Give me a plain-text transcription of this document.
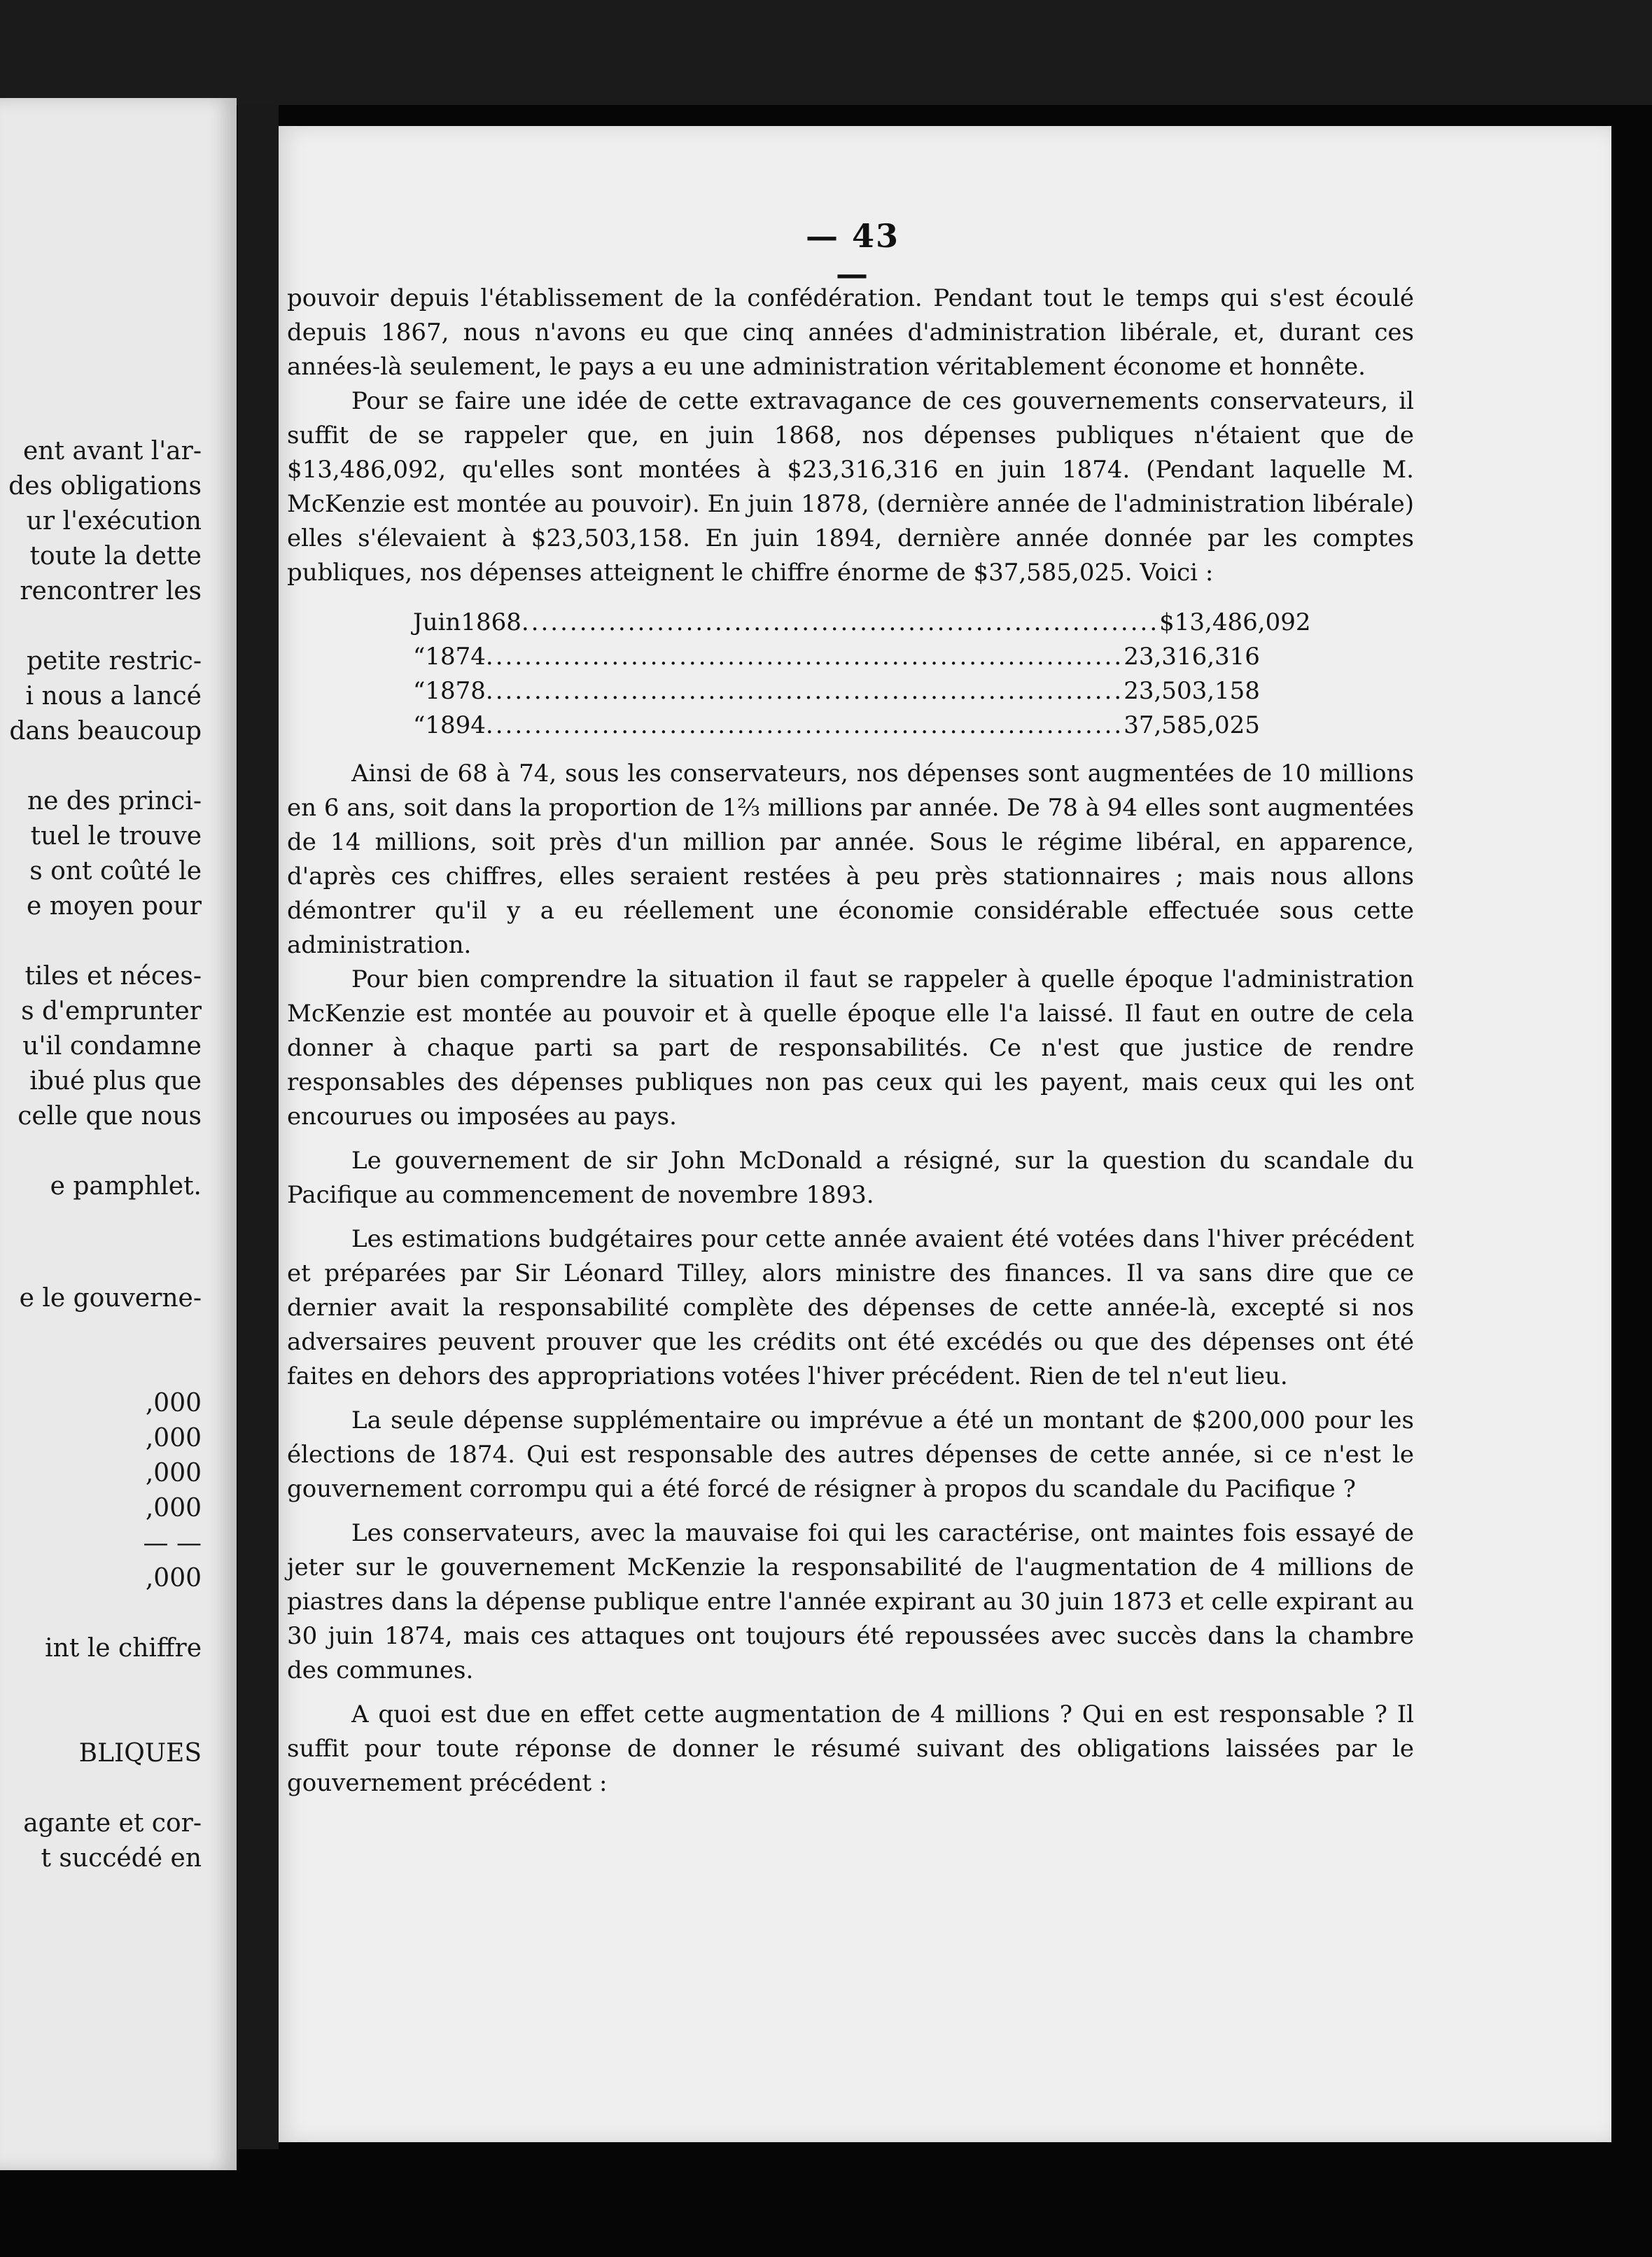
ent avant l'ar-
des obligations
ur l'exécution
toute la dette
rencontrer les
petite restric-
i nous a lancé
dans beaucoup
ne des princi-
tuel le trouve
s ont coûté le
e moyen pour
tiles et néces-
s d'emprunter
u'il condamne
ibué plus que
celle que nous
e pamphlet.
e le gouverne-
,000
,000
,000
,000
— —
,000
int le chiffre
BLIQUES
agante et cor-
t succédé en
— 43 —

pouvoir depuis l'établissement de la confédération. Pendant tout le temps qui s'est écoulé depuis 1867, nous n'avons eu que cinq années d'administration libérale, et, durant ces années-là seulement, le pays a eu une administration véritablement économe et honnête.

Pour se faire une idée de cette extravagance de ces gouvernements conservateurs, il suffit de se rappeler que, en juin 1868, nos dépenses publiques n'étaient que de $13,486,092, qu'elles sont montées à $23,316,316 en juin 1874. (Pendant laquelle M. McKenzie est montée au pouvoir). En juin 1878, (dernière année de l'administration libérale) elles s'élevaient à $23,503,158. En juin 1894, dernière année donnée par les comptes publiques, nos dépenses atteignent le chiffre énorme de $37,585,025. Voici :

Juin 1868 .................................................................. $13,486,092
“ 1874 .................................................................. 23,316,316
“ 1878 .................................................................. 23,503,158
“ 1894 .................................................................. 37,585,025

Ainsi de 68 à 74, sous les conservateurs, nos dépenses sont augmentées de 10 millions en 6 ans, soit dans la proportion de 1⅔ millions par année. De 78 à 94 elles sont augmentées de 14 millions, soit près d'un million par année. Sous le régime libéral, en apparence, d'après ces chiffres, elles seraient restées à peu près stationnaires ; mais nous allons démontrer qu'il y a eu réellement une économie considérable effectuée sous cette administration.

Pour bien comprendre la situation il faut se rappeler à quelle époque l'administration McKenzie est montée au pouvoir et à quelle époque elle l'a laissé. Il faut en outre de cela donner à chaque parti sa part de responsabilités. Ce n'est que justice de rendre responsables des dépenses publiques non pas ceux qui les payent, mais ceux qui les ont encourues ou imposées au pays.

Le gouvernement de sir John McDonald a résigné, sur la question du scandale du Pacifique au commencement de novembre 1893.

Les estimations budgétaires pour cette année avaient été votées dans l'hiver précédent et préparées par Sir Léonard Tilley, alors ministre des finances. Il va sans dire que ce dernier avait la responsabilité complète des dépenses de cette année-là, excepté si nos adversaires peuvent prouver que les crédits ont été excédés ou que des dépenses ont été faites en dehors des appropriations votées l'hiver précédent. Rien de tel n'eut lieu.

La seule dépense supplémentaire ou imprévue a été un montant de $200,000 pour les élections de 1874. Qui est responsable des autres dépenses de cette année, si ce n'est le gouvernement corrompu qui a été forcé de résigner à propos du scandale du Pacifique ?

Les conservateurs, avec la mauvaise foi qui les caractérise, ont maintes fois essayé de jeter sur le gouvernement McKenzie la responsabilité de l'augmentation de 4 millions de piastres dans la dépense publique entre l'année expirant au 30 juin 1873 et celle expirant au 30 juin 1874, mais ces attaques ont toujours été repoussées avec succès dans la chambre des communes.

A quoi est due en effet cette augmentation de 4 millions ? Qui en est responsable ? Il suffit pour toute réponse de donner le résumé suivant des obligations laissées par le gouvernement précédent :
